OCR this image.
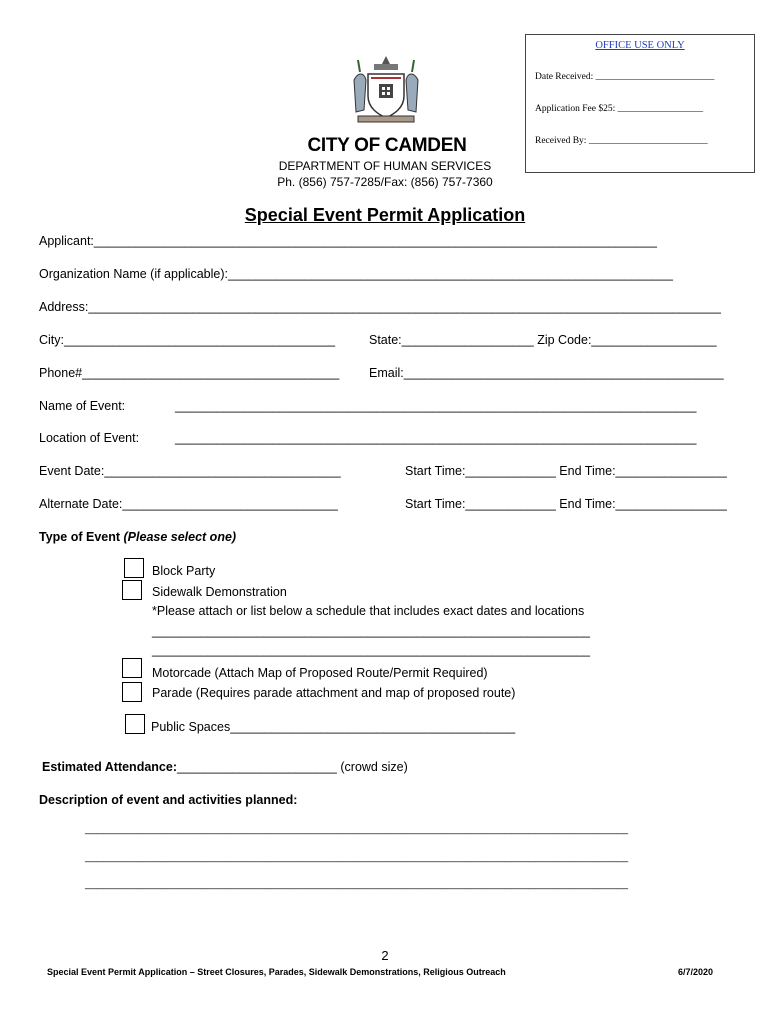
OFFICE USE ONLY
Date Received: _________________________
Application Fee $25: __________________
Received By: _________________________
CITY OF CAMDEN
DEPARTMENT OF HUMAN SERVICES
Ph. (856) 757-7285/Fax: (856) 757-7360
Special Event Permit Application
Applicant:_________________________________________________________________________________
Organization Name (if applicable):________________________________________________________________
Address:___________________________________________________________________________________________
City:_______________________________________	State:___________________ Zip Code:__________________
Phone#_____________________________________ Email:______________________________________________
Name of Event:	___________________________________________________________________________
Location of Event:	___________________________________________________________________________
Event Date:__________________________________	Start Time:_____________ End Time:________________
Alternate Date:_______________________________	Start Time:_____________ End Time:________________
Type of Event (Please select one)
Block Party
Sidewalk Demonstration
*Please attach or list below a schedule that includes exact dates and locations
_______________________________________________________________
_______________________________________________________________
Motorcade (Attach Map of Proposed Route/Permit Required)
Parade (Requires parade attachment and map of proposed route)
Public Spaces_________________________________________
Estimated Attendance:_______________________ (crowd size)
Description of event and activities planned:
_____________________________________________________________________________________________
_____________________________________________________________________________________________
_____________________________________________________________________________________________
2
Special Event Permit Application – Street Closures, Parades, Sidewalk Demonstrations, Religious Outreach	6/7/2020
